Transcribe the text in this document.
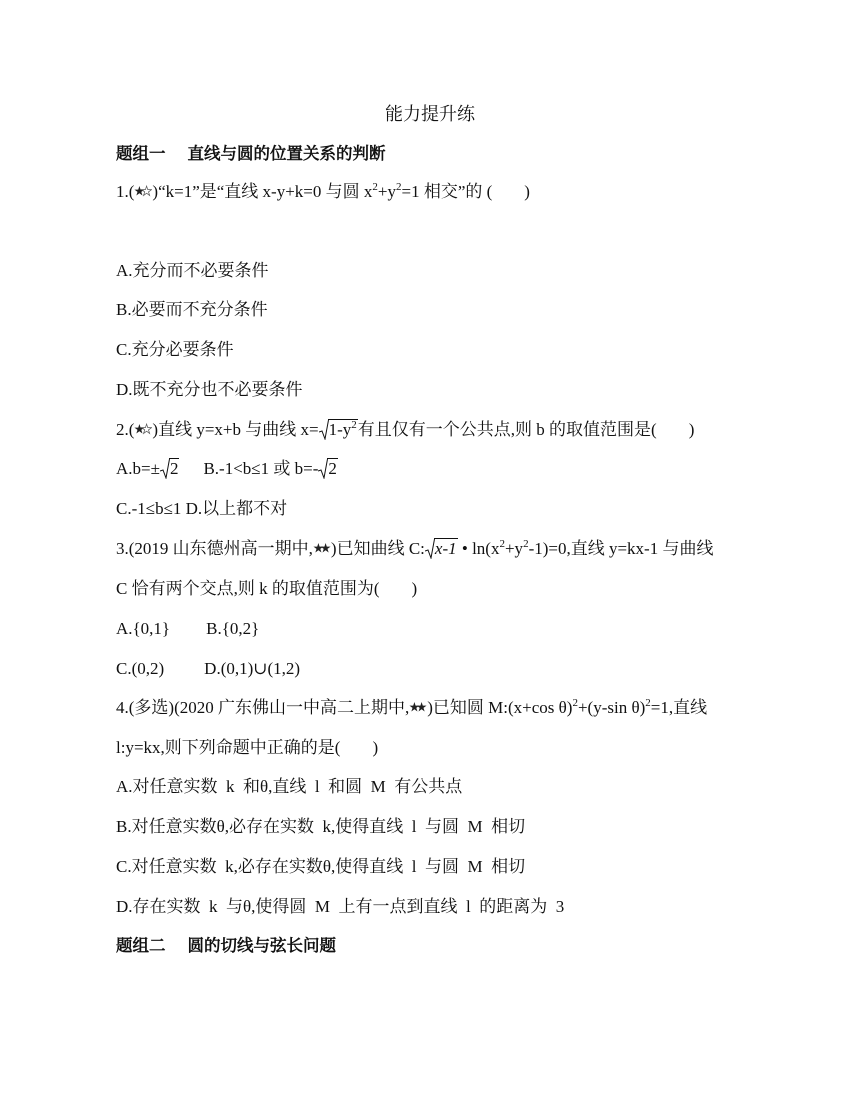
能力提升练
题组一 直线与圆的位置关系的判断
1.( )“k=1”是“直线 x-y+k=0 与圆 $x^2+y^2=1$ 相交”的 ( )
A.充分而不必要条件
B.必要而不充分条件
C.充分必要条件
D.既不充分也不必要条件
2.( )直线 y=x+b 与曲线 $x= 1-y^2$有且仅有一个公共点,则 b 的取值范围是( )
A.b=± 2 B.-1<b≤1 或 b=- 2
C.-1≤b≤1 D.以上都不对
3.(2019 山东德州高一期中, )已知曲线 C: x-1 • $\ln(x^2+y^2-1)=0$,直线 y=kx-1 与曲线
C 恰有两个交点,则 k 的取值范围为( )
A.{0,1} B.{0,2}
C.(0,2) D.(0,1)∪(1,2)
4.(多选)(2020 广东佛山一中高二上期中, )已知圆 M:(x+cos θ)$^2$+(y-sin θ)$^2$=1,直线
l:y=kx,则下列命题中正确的是( )
A.对任意实数  k  和θ,直线  l  和圆  M  有公共点
B.对任意实数θ,必存在实数  k,使得直线  l  与圆  M  相切
C.对任意实数  k,必存在实数θ,使得直线  l  与圆  M  相切
D.存在实数  k  与θ,使得圆  M  上有一点到直线  l  的距离为  3
题组二 圆的切线与弦长问题
